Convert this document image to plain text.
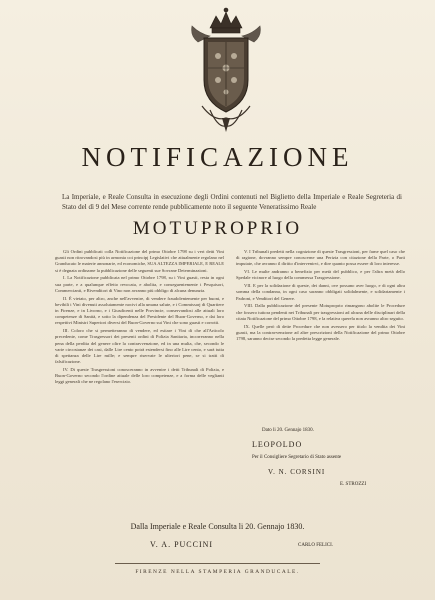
NOTIFICAZIONE
La Imperiale, e Reale Consulta in esecuzione degli Ordini contenuti nel Biglietto della Imperiale e Reale Segreteria di Stato del dì 9 del Mese corrente rende pubblicamente noto il seguente Veneratissimo Reale
MOTUPROPRIO

Gli Ordini pubblicati colla Notificazione del primo Ottobre 1798 su i veri detti Vini guasti non ritrovandosi più in armonia coi principj Legislativi che attualmente regolano nel Granducato le materie annonarie, ed economiche, SUA ALTEZZA IMPERIALE, E REALE si è degnata ordinarne la pubblicazione delle seguenti sue Sovrane Determinazioni.

I. La Notificazione pubblicata nel primo Ottobre 1798, su i Vini guasti, resta in ogni sua parte, e a qualunque effetto revocata, e abolita, e conseguentemente i Pesquisori, Commercianti, e Rivenditori di Vino non avranno più obbligo di alcuna denunzia.

II. È vietato, per altro, anche nell'avvenire, di vendere fraudolentemente per buoni, e bevibili i Vini divenuti assolutamente nocivi alla umana salute, e i Commissarj di Quartiere in Firenze, e in Livorno, e i Giusdicenti nelle Provincie, conservandosi alle attuali loro competenze di Sanità, e sotto la dipendenza del Presidente del Buon-Governo, e dai loro respettivi Ministri Superiori diversi del Buon-Governo sui Vini che sono guasti e corrotti.

III. Coloro che si permetteranno di vendere, ed esitare i Vini di che all'Articolo precedente, come Trasgressori dei presenti ordini di Polizia Sanitaria, incorreranno nella pena della perdita del genere oltre la contravvenzione, ed in una multa, che, secondo le varie circostanze dei casi, dalle Lire cento potrà estendersi fino alle Lire cento, e sarà tutta di spettanza delle Lire mille; e sempre riservate le ulteriori pene, se si tratti di falsificazione.

IV. Di queste Trasgressioni conosceranno in avvenire i detti Tribunali di Polizia, e Buon-Governo secondo l'ordine attuale delle loro competenze, e a forma delle veglianti leggi generali che ne regolano l'esercizio.

V. I Tribunali predetti nella cognizione di queste Trasgressioni, per farne quel caso che di ragione, dovranno sempre conoscerne una Perizia con citazione della Parte, o Parti imputate, che avranno il diritto d'intervenirvi, e dire quanto possa essere di loro interesse.

VI. Le multe andranno a benefizio per metà del pubblico, e per l'altra metà dello Spedale vicinore al luogo della commessa Trasgressione.

VII. E per la solidazione di queste, dei danni, ove possano aver luogo, e di ogni altra somma della condanna, in ogni caso saranno obbligati solidalmente, e solidariamente i Padroni, e Venditori del Genere.

VIII. Dalla pubblicazione del presente Motuproprio rimangono abolite le Procedure che fossero tuttora pendenti nei Tribunali per trasgressioni ad alcuna delle disciplinari della citata Notificazione del primo Ottobre 1798, e la relativa querela non avranno altro seguito.

IX. Quelle però di dette Procedure che non avessero per titolo la vendita dei Vini guasti, ma la contravvenzione ad altre prescrizioni della Notificazione del primo Ottobre 1798, saranno decise secondo la predetta legge generale.

Dato li 20. Gennajo 1830.
LEOPOLDO
Per il Consigliere Segretario di Stato assente
V. N. CORSINI
E. STROZZI
Dalla Imperiale e Reale Consulta li 20. Gennajo 1830.
V. A. PUCCINI	CARLO FELICI.
FIRENZE NELLA STAMPERIA GRANDUCALE.
